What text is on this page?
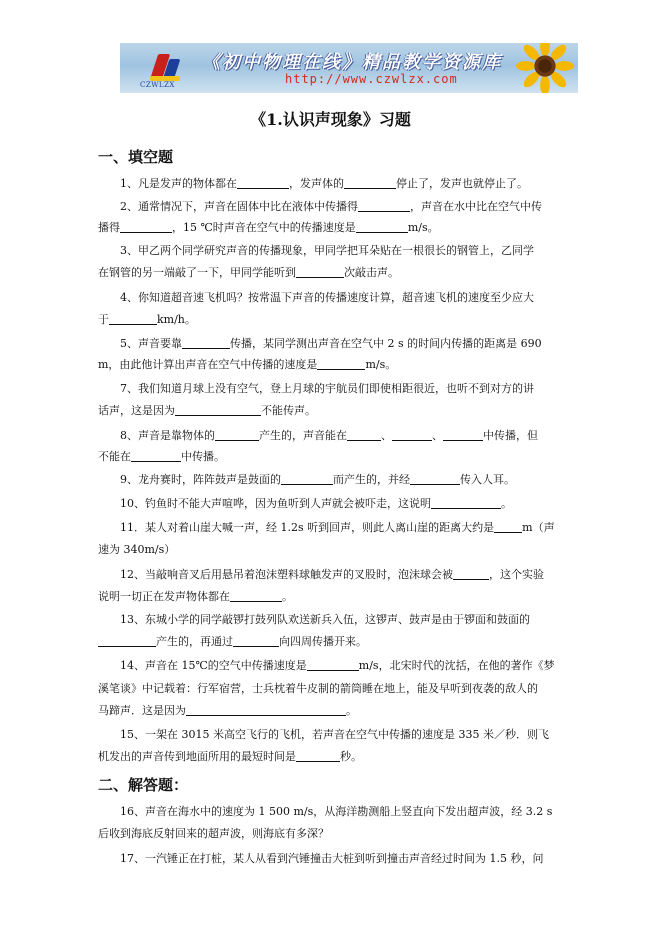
CZWLZX
《初中物理在线》精品教学资源库
http://www.czwlzx.com
《1.认识声现象》习题
一、填空题
1、凡是发声的物体都在	，发声体的	停止了，发声也就停止了。
2、通常情况下，声音在固体中比在液体中传播得	，声音在水中比在空气中传
播得	，15 ℃时声音在空气中的传播速度是	m/s。
3、甲乙两个同学研究声音的传播现象，甲同学把耳朵贴在一根很长的钢管上，乙同学
在钢管的另一端敲了一下，甲同学能听到	次敲击声。
4、你知道超音速飞机吗？按常温下声音的传播速度计算，超音速飞机的速度至少应大
于	km/h。
5、声音要靠	传播，某同学测出声音在空气中 2 s 的时间内传播的距离是 690
m，由此他计算出声音在空气中传播的速度是	m/s。
7、我们知道月球上没有空气，登上月球的宇航员们即使相距很近，也听不到对方的讲
话声，这是因为	不能传声。
8、声音是靠物体的	产生的，声音能在	、	、	中传播，但
不能在	中传播。
9、龙舟赛时，阵阵鼓声是鼓面的	而产生的，并经	传入人耳。
10、钓鱼时不能大声喧哗，因为鱼听到人声就会被吓走，这说明	。
11．某人对着山崖大喊一声，经 1.2s 听到回声，则此人离山崖的距离大约是	m（声
速为 340m/s）
12、当敲响音叉后用悬吊着泡沫塑料球触发声的叉股时，泡沫球会被	，这个实验
说明一切正在发声物体都在	。
13、东城小学的同学敲锣打鼓列队欢送新兵入伍，这锣声、鼓声是由于锣面和鼓面的
产生的，再通过	向四周传播开来。
14、声音在 15℃的空气中传播速度是	m/s，北宋时代的沈括，在他的著作《梦
溪笔谈》中记载着：行军宿营，士兵枕着牛皮制的箭筒睡在地上，能及早听到夜袭的敌人的
马蹄声．这是因为	。
15、一架在 3015 米高空飞行的飞机，若声音在空气中传播的速度是 335 米／秒．则飞
机发出的声音传到地面所用的最短时间是	秒。
二、解答题：
16、声音在海水中的速度为 1 500 m/s，从海洋勘测船上竖直向下发出超声波，经 3.2 s
后收到海底反射回来的超声波，则海底有多深？
17、一汽锤正在打桩，某人从看到汽锤撞击大桩到听到撞击声音经过时间为 1.5 秒，问
